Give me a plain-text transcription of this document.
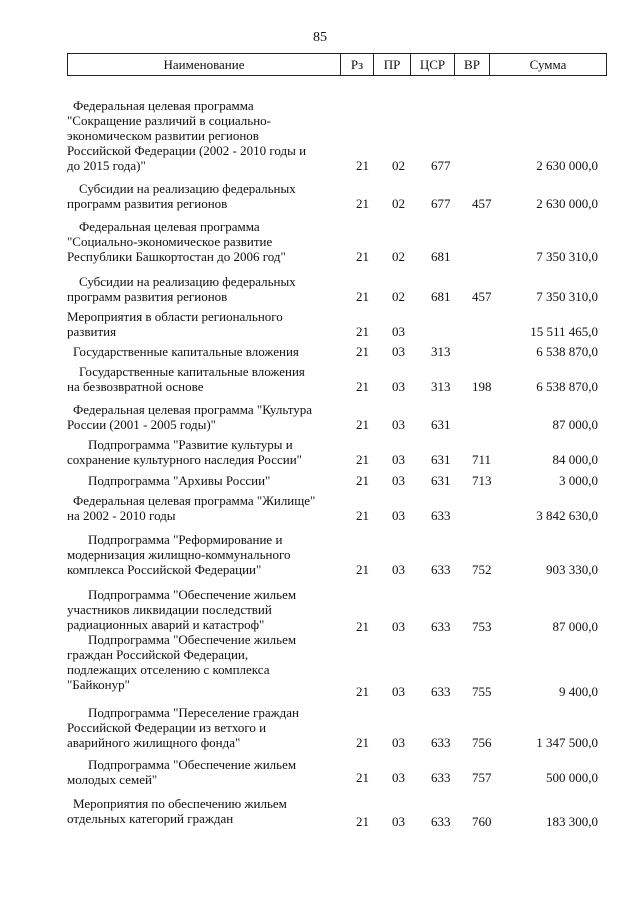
85
Наименование	Рз	ПР	ЦСР	ВР	Сумма
Федеральная целевая программа
"Сокращение различий в социально-
экономическом развитии регионов
Российской Федерации (2002 - 2010 годы и
до 2015 года)"	21 02 677	2 630 000,0
Субсидии на реализацию федеральных
программ развития регионов	21 02 677 457	2 630 000,0
Федеральная целевая программа
"Социально-экономическое развитие
Республики Башкортостан до 2006 год"	21 02 681	7 350 310,0
Субсидии на реализацию федеральных
программ развития регионов	21 02 681 457	7 350 310,0
Мероприятия в области регионального
развития	21 03	15 511 465,0
Государственные капитальные вложения	21 03 313	6 538 870,0
Государственные капитальные вложения
на безвозвратной основе	21 03 313 198	6 538 870,0
Федеральная целевая программа "Культура
России (2001 - 2005 годы)"	21 03 631	87 000,0
Подпрограмма "Развитие культуры и
сохранение культурного наследия России"	21 03 631 711	84 000,0
Подпрограмма "Архивы России"	21 03 631 713	3 000,0
Федеральная целевая программа "Жилище"
на 2002 - 2010 годы	21 03 633	3 842 630,0
Подпрограмма "Реформирование и
модернизация жилищно-коммунального
комплекса Российской Федерации"	21 03 633 752	903 330,0
Подпрограмма "Обеспечение жильем
участников ликвидации последствий
радиационных аварий и катастроф"	21 03 633 753	87 000,0
Подпрограмма "Обеспечение жильем
граждан Российской Федерации,
подлежащих отселению с комплекса
"Байконур"	21 03 633 755	9 400,0
Подпрограмма "Переселение граждан
Российской Федерации из ветхого и
аварийного жилищного фонда"	21 03 633 756	1 347 500,0
Подпрограмма "Обеспечение жильем
молодых семей"	21 03 633 757	500 000,0
Мероприятия по обеспечению жильем
отдельных категорий граждан	21 03 633 760	183 300,0
